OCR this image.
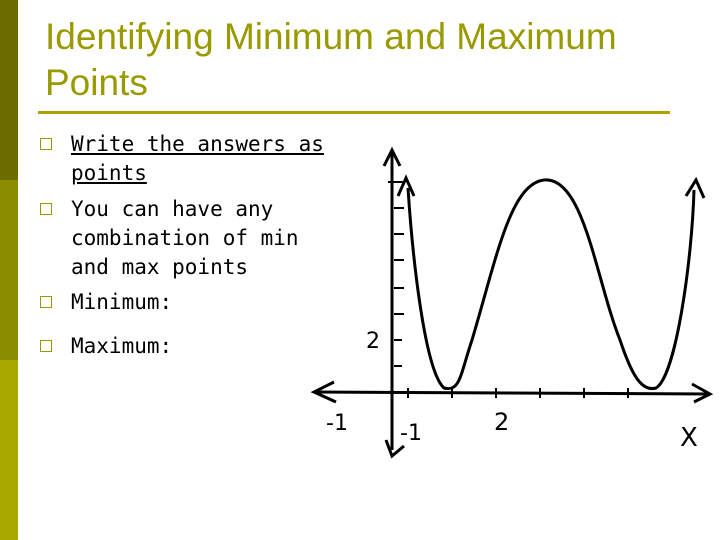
Identifying Minimum and Maximum Points
Write the answers as points
You can have any combination of min and max points
Minimum:
Maximum:	2
-1 -1	2
X
